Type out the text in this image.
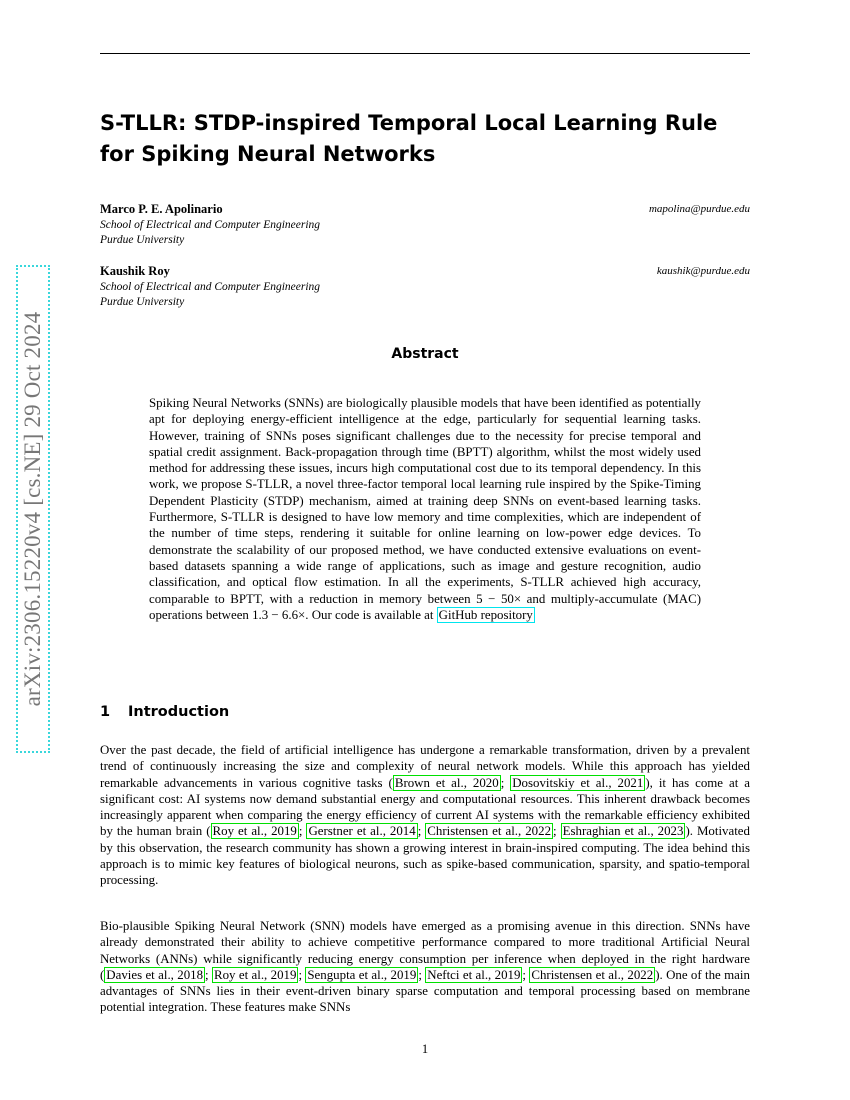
arXiv:2306.15220v4 [cs.NE] 29 Oct 2024
S-TLLR: STDP-inspired Temporal Local Learning Rule for Spiking Neural Networks
Marco P. E. Apolinario	mapolina@purdue.edu
School of Electrical and Computer Engineering
Purdue University
Kaushik Roy	kaushik@purdue.edu
School of Electrical and Computer Engineering
Purdue University
Abstract
Spiking Neural Networks (SNNs) are biologically plausible models that have been identified as potentially apt for deploying energy-efficient intelligence at the edge, particularly for sequential learning tasks. However, training of SNNs poses significant challenges due to the necessity for precise temporal and spatial credit assignment. Back-propagation through time (BPTT) algorithm, whilst the most widely used method for addressing these issues, incurs high computational cost due to its temporal dependency. In this work, we propose S-TLLR, a novel three-factor temporal local learning rule inspired by the Spike-Timing Dependent Plasticity (STDP) mechanism, aimed at training deep SNNs on event-based learning tasks. Furthermore, S-TLLR is designed to have low memory and time complexities, which are independent of the number of time steps, rendering it suitable for online learning on low-power edge devices. To demonstrate the scalability of our proposed method, we have conducted extensive evaluations on event-based datasets spanning a wide range of applications, such as image and gesture recognition, audio classification, and optical flow estimation. In all the experiments, S-TLLR achieved high accuracy, comparable to BPTT, with a reduction in memory between 5 − 50× and multiply-accumulate (MAC) operations between 1.3 − 6.6×. Our code is available at GitHub repository
1 Introduction

Over the past decade, the field of artificial intelligence has undergone a remarkable transformation, driven by a prevalent trend of continuously increasing the size and complexity of neural network models. While this approach has yielded remarkable advancements in various cognitive tasks ( Brown et al., 2020 ; Dosovitskiy et al., 2021 ), it has come at a significant cost: AI systems now demand substantial energy and computational resources. This inherent drawback becomes increasingly apparent when comparing the energy efficiency of current AI systems with the remarkable efficiency exhibited by the human brain ( Roy et al., 2019 ; Gerstner et al., 2014 ; Christensen et al., 2022 ; Eshraghian et al., 2023 ). Motivated by this observation, the research community has shown a growing interest in brain-inspired computing. The idea behind this approach is to mimic key features of biological neurons, such as spike-based communication, sparsity, and spatio-temporal processing.

Bio-plausible Spiking Neural Network (SNN) models have emerged as a promising avenue in this direction. SNNs have already demonstrated their ability to achieve competitive performance compared to more traditional Artificial Neural Networks (ANNs) while significantly reducing energy consumption per inference when deployed in the right hardware ( Davies et al., 2018 ; Roy et al., 2019 ; Sengupta et al., 2019 ; Neftci et al., 2019 ; Christensen et al., 2022 ). One of the main advantages of SNNs lies in their event-driven binary sparse computation and temporal processing based on membrane potential integration. These features make SNNs

1
